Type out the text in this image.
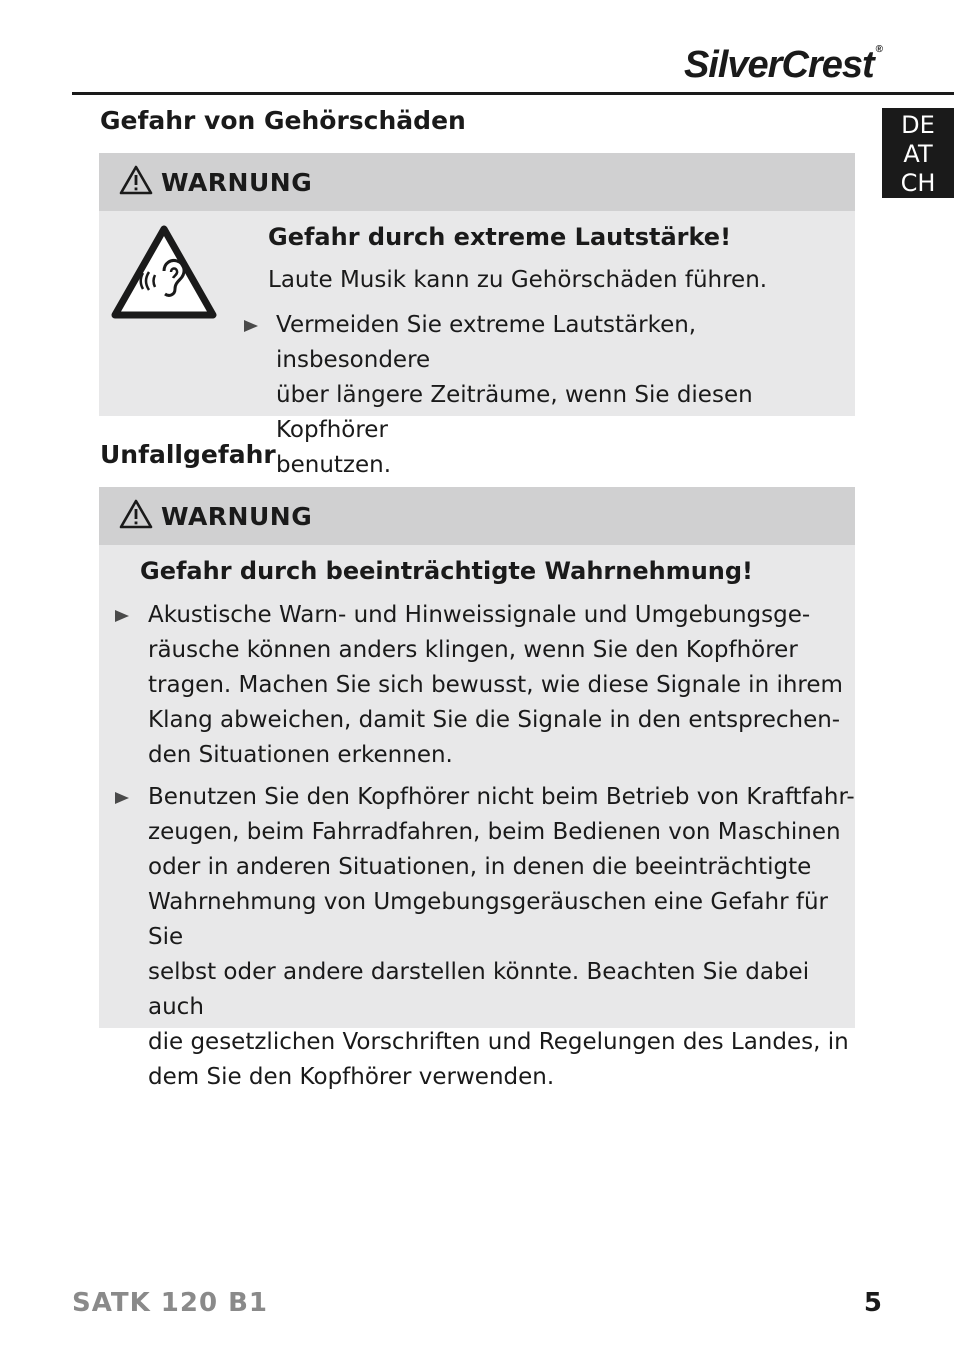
SilverCrest ®
DE
AT
CH
Gefahr von Gehörschäden
WARNUNG
Gefahr durch extreme Lautstärke!
Laute Musik kann zu Gehörschäden führen.
Vermeiden Sie extreme Lautstärken, insbesondere
über längere Zeiträume, wenn Sie diesen Kopfhörer
benutzen.
Unfallgefahr
WARNUNG
Gefahr durch beeinträchtigte Wahrnehmung!
Akustische Warn- und Hinweissignale und Umgebungsge-
räusche können anders klingen, wenn Sie den Kopfhörer
tragen. Machen Sie sich bewusst, wie diese Signale in ihrem
Klang abweichen, damit Sie die Signale in den entsprechen-
den Situationen erkennen.
Benutzen Sie den Kopfhörer nicht beim Betrieb von Kraftfahr-
zeugen, beim Fahrradfahren, beim Bedienen von Maschinen
oder in anderen Situationen, in denen die beeinträchtigte
Wahrnehmung von Umgebungsgeräuschen eine Gefahr für Sie
selbst oder andere darstellen könnte. Beachten Sie dabei auch
die gesetzlichen Vorschriften und Regelungen des Landes, in
dem Sie den Kopfhörer verwenden.
SATK 120 B1	5
